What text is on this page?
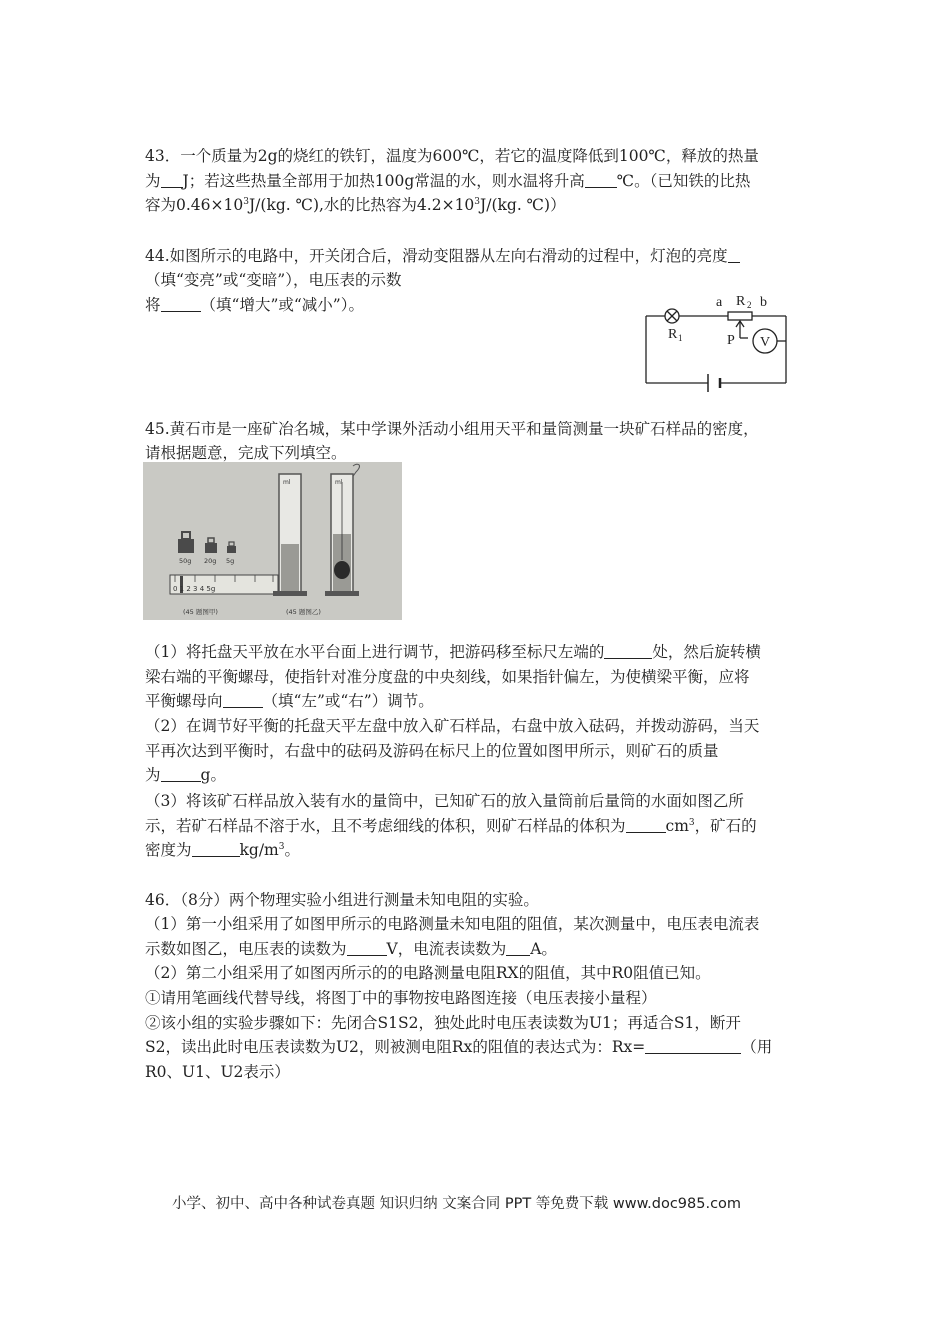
43．一个质量为2g的烧红的铁钉，温度为600℃，若它的温度降低到100℃，释放的热量
为 J；若这些热量全部用于加热100g常温的水，则水温将升高 ℃。（已知铁的比热
容为$0.46\times 10^3J/(kg$. ℃),水的比热容为$4.2\times 10^3J/(kg$. ℃)）
44.如图所示的电路中，开关闭合后，滑动变阻器从左向右滑动的过程中，灯泡的亮度
（填“变亮”或“变暗”），电压表的示数
将	（填“增大”或“减小”）。	a R 2 b
R 1	P V
45.黄石市是一座矿冶名城，某中学课外活动小组用天平和量筒测量一块矿石样品的密度，
请根据题意，完成下列填空。
50g 20g 5g
0 1 2 3 4 5g
(45 题图甲)	(45 题图乙)
ml	ml
（1）将托盘天平放在水平台面上进行调节，把游码移至标尺左端的	处，然后旋转横
梁右端的平衡螺母，使指针对准分度盘的中央刻线，如果指针偏左，为使横梁平衡，应将
平衡螺母向	（填“左”或“右”）调节。
（2）在调节好平衡的托盘天平左盘中放入矿石样品，右盘中放入砝码，并拨动游码，当天
平再次达到平衡时，右盘中的砝码及游码在标尺上的位置如图甲所示，则矿石的质量
为	g。
（3）将该矿石样品放入装有水的量筒中，已知矿石的放入量筒前后量筒的水面如图乙所
示，若矿石样品不溶于水，且不考虑细线的体积，则矿石样品的体积为	$cm^3$，矿石的
密度为	$kg/m^3$。
46．（8分）两个物理实验小组进行测量未知电阻的实验。
（1）第一小组采用了如图甲所示的电路测量未知电阻的阻值，某次测量中，电压表电流表
示数如图乙，电压表的读数为	V，电流表读数为 A。
（2）第二小组采用了如图丙所示的的电路测量电阻RX的阻值，其中R0阻值已知。
①请用笔画线代替导线，将图丁中的事物按电路图连接（电压表接小量程）
②该小组的实验步骤如下：先闭合S1S2，独处此时电压表读数为U1；再适合S1，断开
S2，读出此时电压表读数为U2，则被测电阻Rx的阻值的表达式为：Rx=	（用
R0、U1、U2表示）
小学、初中、高中各种试卷真题 知识归纳 文案合同 PPT 等免费下载 www.doc985.com
